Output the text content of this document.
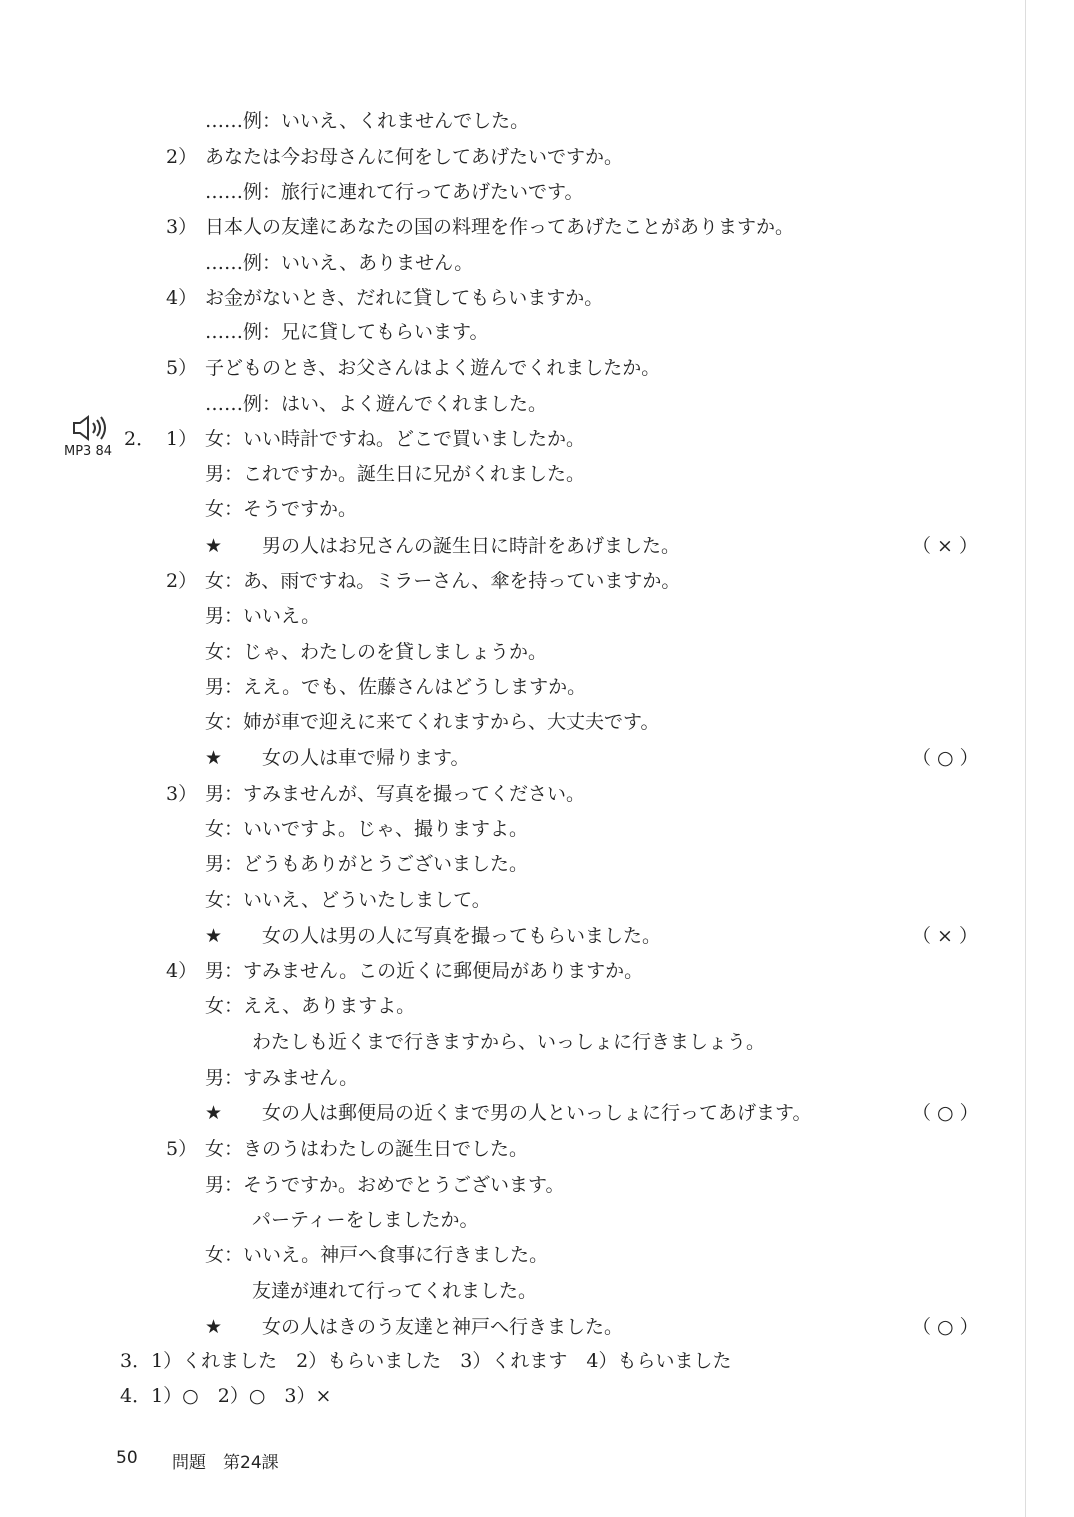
MP3 84
……例：いいえ、くれませんでした。
2） あなたは今お母さんに何をしてあげたいですか。
……例：旅行に連れて行ってあげたいです。
3） 日本人の友達にあなたの国の料理を作ってあげたことがありますか。
……例：いいえ、ありません。
4） お金がないとき、だれに貸してもらいますか。
……例：兄に貸してもらいます。
5） 子どものとき、お父さんはよく遊んでくれましたか。
……例：はい、よく遊んでくれました。
2． 1） 女：いい時計ですね。どこで買いましたか。
男：これですか。誕生日に兄がくれました。
女：そうですか。
★ 男の人はお兄さんの誕生日に時計をあげました。	（ × ）
2） 女：あ、雨ですね。ミラーさん、傘を持っていますか。
男：いいえ。
女：じゃ、わたしのを貸しましょうか。
男：ええ。でも、佐藤さんはどうしますか。
女：姉が車で迎えに来てくれますから、大丈夫です。
★ 女の人は車で帰ります。	（ ○ ）
3） 男：すみませんが、写真を撮ってください。
女：いいですよ。じゃ、撮りますよ。
男：どうもありがとうございました。
女：いいえ、どういたしまして。
★ 女の人は男の人に写真を撮ってもらいました。	（ × ）
4） 男：すみません。この近くに郵便局がありますか。
女：ええ、ありますよ。
わたしも近くまで行きますから、いっしょに行きましょう。
男：すみません。
★ 女の人は郵便局の近くまで男の人といっしょに行ってあげます。	（ ○ ）
5） 女：きのうはわたしの誕生日でした。
男：そうですか。おめでとうございます。
パーティーをしましたか。
女：いいえ。神戸へ食事に行きました。
友達が連れて行ってくれました。
★ 女の人はきのう友達と神戸へ行きました。	（ ○ ）
3．1）くれました　2）もらいました　3）くれます　4）もらいました
4．1）○　2）○　3）×
50 問題　第24課
